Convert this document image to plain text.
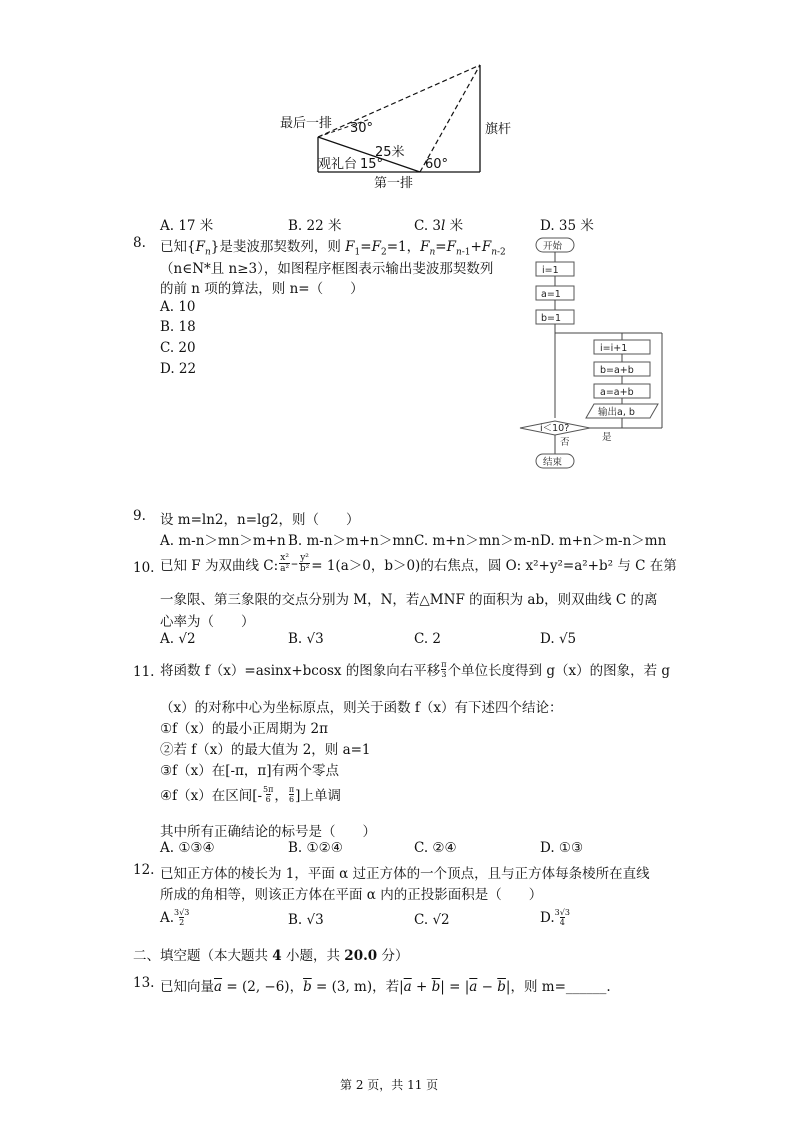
最后一排 30°	旗杆
25米
观礼台 15°	60°
第一排
A. 17 米	B. 22 米	C. 3l 米	D. 35 米
8. 已知$\{F_n\}$是斐波那契数列，则 $F_1=F_2=1$，$F_n=F_{n-1}+F_{n-2}$
（n∈N*且 n≥3），如图程序框图表示输出斐波那契数列
的前 n 项的算法，则 n=（　　）
A. 10
B. 18
C. 20
D. 22
开始
i=1
a=1
b=1
i=i+1
b=a+b
a=a+b
输出a, b
i＜10?
是
否
结束
9. 设 m=ln2，n=lg2，则（　　）
A. m-n＞mn＞m+n B. m-n＞m+n＞mn C. m+n＞mn＞m-n D. m+n＞m-n＞mn
10. 已知 F 为双曲线 C: x²
$a^2 - \frac{\text{y²}}{\text{b²}} = 1(a>0$，b＞0)的右焦点，圆 O: x²+y²=a²+b² 与 C 在第
一象限、第三象限的交点分别为 M，N，若△MNF 的面积为 ab，则双曲线 C 的离
心率为（　　）
A. √2	B. √3	C. 2	D. √5
11. 将函数 f（x）=asinx+bcosx 的图象向右平移 π
3 个单位长度得到 g（x）的图象，若 g
（x）的对称中心为坐标原点，则关于函数 f（x）有下述四个结论：
①f（x）的最小正周期为 2π
②若 f（x）的最大值为 2，则 a=1
③f（x）在[-π，π]有两个零点
④f（x）在区间[- 5π
6 ， π
6 ]上单调
其中所有正确结论的标号是（　　）
A. ①③④	B. ①②④	C. ②④	D. ①③
12. 已知正方体的棱长为 1，平面 α 过正方体的一个顶点，且与正方体每条棱所在直线
所成的角相等，则该正方体在平面 α 内的正投影面积是（　　）
A. 3√3
2	B. √3	C. √2	D. 3√3
4
二、填空题（本大题共 4 小题，共 20.0 分）
13. 已知向量$\overline{a} = (2$, −6)，$\overline{b} = (3$, m)，若$|\overline{a} + \overline{b}| = |\overline{a} - \overline{b}|$，则 m=______.
第 2 页，共 11 页
